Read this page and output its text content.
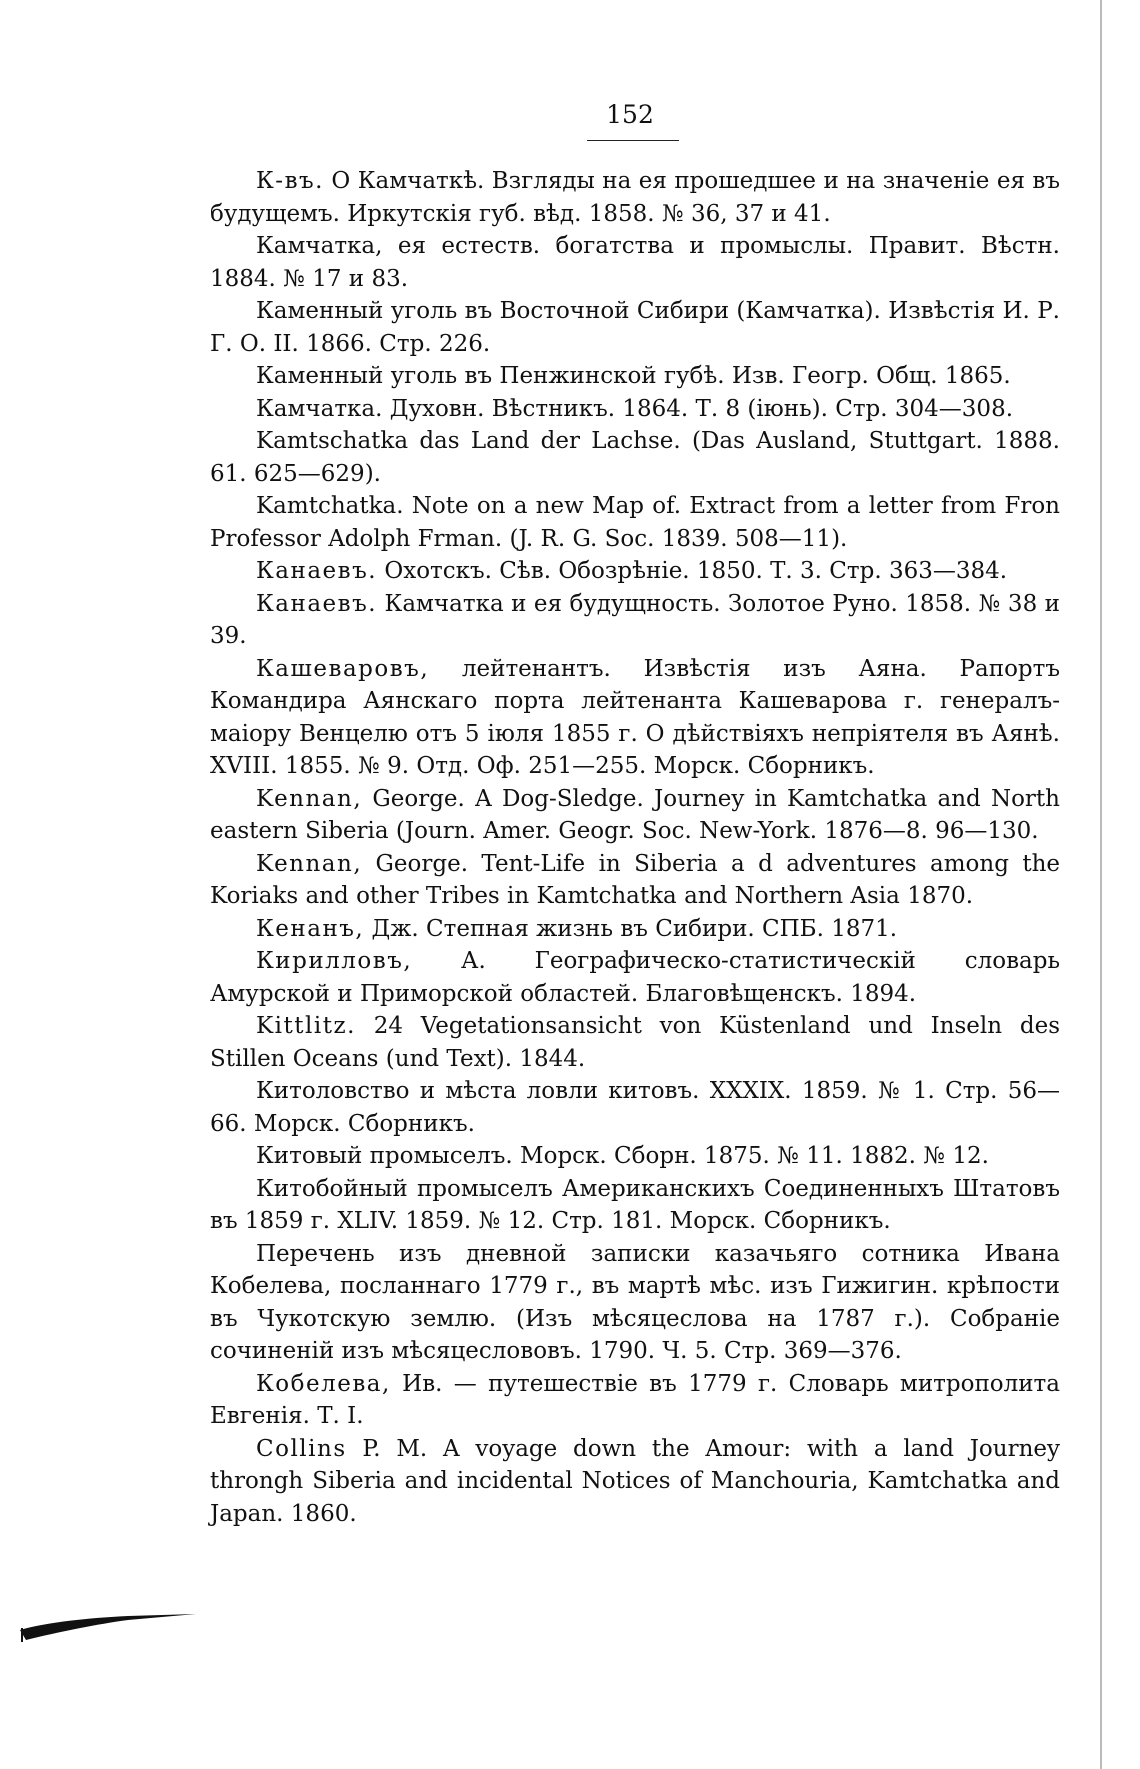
152

К-въ. О Камчаткѣ. Взгляды на ея прошедшее и на значенiе ея въ будущемъ. Иркутскiя губ. вѣд. 1858. № 36, 37 и 41.

Камчатка, ея естеств. богатства и промыслы. Правит. Вѣстн. 1884. № 17 и 83.

Каменный уголь въ Восточной Сибири (Камчатка). Извѣстiя И. Р. Г. О. II. 1866. Стр. 226.

Каменный уголь въ Пенжинской губѣ. Изв. Геогр. Общ. 1865.

Камчатка. Духовн. Вѣстникъ. 1864. Т. 8 (iюнь). Стр. 304—308.

Kamtschatka das Land der Lachse. (Das Ausland, Stuttgart. 1888. 61. 625—629).

Kamtchatka. Note on a new Map of. Extract from a letter from Fron Professor Adolph Frman. (J. R. G. Soc. 1839. 508—11).

Канаевъ. Охотскъ. Сѣв. Обозрѣнiе. 1850. Т. 3. Стр. 363—384.

Канаевъ. Камчатка и ея будущность. Золотое Руно. 1858. № 38 и 39.

Кашеваровъ, лейтенантъ. Извѣстiя изъ Аяна. Рапортъ Командира Аянскаго порта лейтенанта Кашеварова г. генералъ-маiору Венцелю отъ 5 iюля 1855 г. О дѣйствiяхъ непрiятеля въ Аянѣ. XVIII. 1855. № 9. Отд. Оф. 251—255. Морск. Сборникъ.

Kennan, George. A Dog-Sledge. Journey in Kamtchatka and North eastern Siberia (Journ. Amer. Geogr. Soc. New-York. 1876—8. 96—130.

Kennan, George. Tent-Life in Siberia a d adventures among the Koriaks and other Tribes in Kamtchatka and Northern Asia 1870.

Кенанъ, Дж. Степная жизнь въ Сибири. СПБ. 1871.

Кирилловъ, А. Географическо-статистическiй словарь Амурской и Приморской областей. Благовѣщенскъ. 1894.

Kittlitz. 24 Vegetationsansicht von Küstenland und Inseln des Stillen Oceans (und Text). 1844.

Китоловство и мѣста ловли китовъ. XXXIX. 1859. № 1. Стр. 56—66. Морск. Сборникъ.

Китовый промыселъ. Морск. Сборн. 1875. № 11. 1882. № 12.

Китобойный промыселъ Американскихъ Соединенныхъ Штатовъ въ 1859 г. XLIV. 1859. № 12. Стр. 181. Морск. Сборникъ.

Перечень изъ дневной записки казачьяго сотника Ивана Кобелева, посланнаго 1779 г., въ мартѣ мѣс. изъ Гижигин. крѣпости въ Чукотскую землю. (Изъ мѣсяцеслова на 1787 г.). Собранiе сочиненiй изъ мѣсяцеслововъ. 1790. Ч. 5. Стр. 369—376.

Кобелева, Ив. — путешествiе въ 1779 г. Словарь митрополита Евгенiя. Т. I.

Collins P. M. A voyage down the Amour: with a land Journey throngh Siberia and incidental Notices of Manchouria, Kamtchatka and Japan. 1860.
